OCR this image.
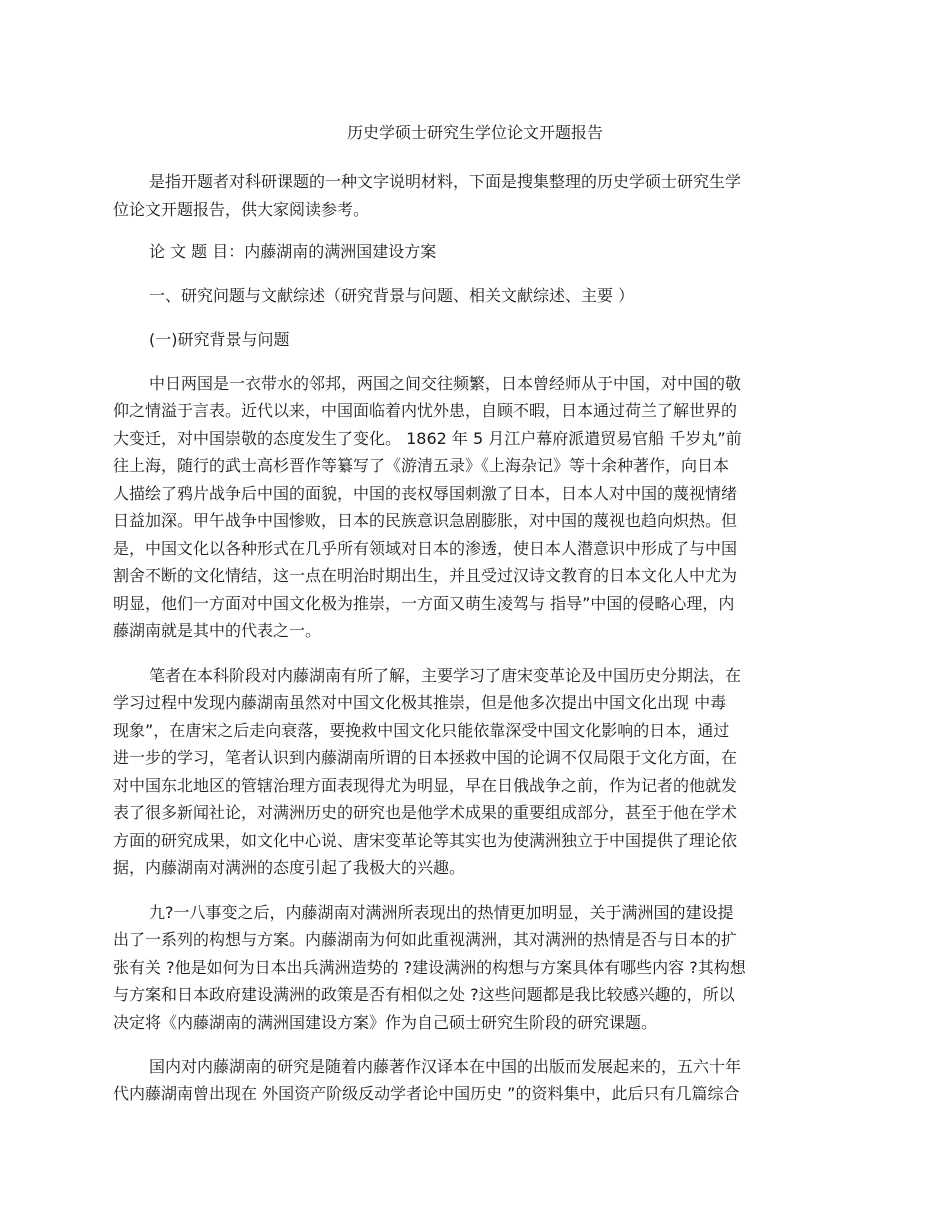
历史学硕士研究生学位论文开题报告
是指开题者对科研课题的一种文字说明材料，下面是搜集整理的历史学硕士研究生学
位论文开题报告，供大家阅读参考。
论 文 题 目：内藤湖南的满洲国建设方案
一、研究问题与文献综述（研究背景与问题、相关文献综述、主要 ）
(一)研究背景与问题
中日两国是一衣带水的邻邦，两国之间交往频繁，日本曾经师从于中国，对中国的敬
仰之情溢于言表。近代以来，中国面临着内忧外患，自顾不暇，日本通过荷兰了解世界的
大变迁，对中国崇敬的态度发生了变化。 1862 年 5 月江户幕府派遣贸易官船 千岁丸”前
往上海，随行的武士高杉晋作等纂写了《游清五录》《上海杂记》等十余种著作，向日本
人描绘了鸦片战争后中国的面貌，中国的丧权辱国刺激了日本，日本人对中国的蔑视情绪
日益加深。甲午战争中国惨败，日本的民族意识急剧膨胀，对中国的蔑视也趋向炽热。但
是，中国文化以各种形式在几乎所有领域对日本的渗透，使日本人潜意识中形成了与中国
割舍不断的文化情结，这一点在明治时期出生，并且受过汉诗文教育的日本文化人中尤为
明显，他们一方面对中国文化极为推崇，一方面又萌生凌驾与 指导”中国的侵略心理，内
藤湖南就是其中的代表之一。
笔者在本科阶段对内藤湖南有所了解，主要学习了唐宋变革论及中国历史分期法，在
学习过程中发现内藤湖南虽然对中国文化极其推崇，但是他多次提出中国文化出现 中毒
现象”，在唐宋之后走向衰落，要挽救中国文化只能依靠深受中国文化影响的日本，通过
进一步的学习，笔者认识到内藤湖南所谓的日本拯救中国的论调不仅局限于文化方面，在
对中国东北地区的管辖治理方面表现得尤为明显，早在日俄战争之前，作为记者的他就发
表了很多新闻社论，对满洲历史的研究也是他学术成果的重要组成部分，甚至于他在学术
方面的研究成果，如文化中心说、唐宋变革论等其实也为使满洲独立于中国提供了理论依
据，内藤湖南对满洲的态度引起了我极大的兴趣。
九?一八事变之后，内藤湖南对满洲所表现出的热情更加明显，关于满洲国的建设提
出了一系列的构想与方案。内藤湖南为何如此重视满洲，其对满洲的热情是否与日本的扩
张有关 ?他是如何为日本出兵满洲造势的 ?建设满洲的构想与方案具体有哪些内容 ?其构想
与方案和日本政府建设满洲的政策是否有相似之处 ?这些问题都是我比较感兴趣的，所以
决定将《内藤湖南的满洲国建设方案》作为自己硕士研究生阶段的研究课题。
国内对内藤湖南的研究是随着内藤著作汉译本在中国的出版而发展起来的，五六十年
代内藤湖南曾出现在 外国资产阶级反动学者论中国历史 ”的资料集中，此后只有几篇综合
